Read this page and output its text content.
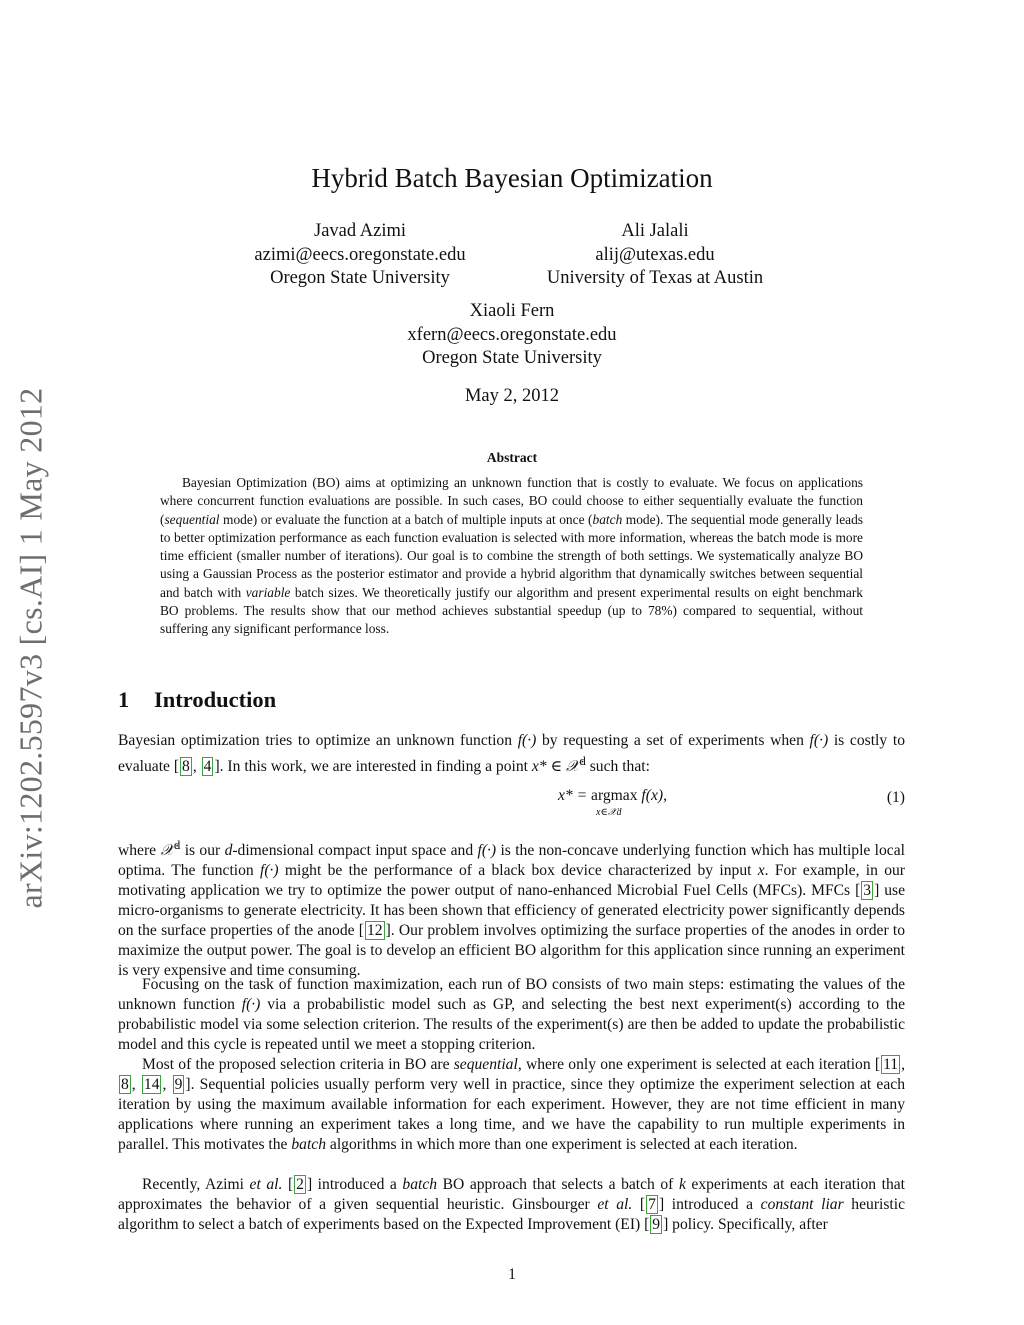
arXiv:1202.5597v3 [cs.AI] 1 May 2012
Hybrid Batch Bayesian Optimization
Javad Azimi
azimi@eecs.oregonstate.edu
Oregon State University
Ali Jalali
alij@utexas.edu
University of Texas at Austin
Xiaoli Fern
xfern@eecs.oregonstate.edu
Oregon State University
May 2, 2012
Abstract

Bayesian Optimization (BO) aims at optimizing an unknown function that is costly to evaluate. We focus on applications where concurrent function evaluations are possible. In such cases, BO could choose to either sequentially evaluate the function (sequential mode) or evaluate the function at a batch of multiple inputs at once (batch mode). The sequential mode generally leads to better optimization performance as each function evaluation is selected with more information, whereas the batch mode is more time efficient (smaller number of iterations). Our goal is to combine the strength of both settings. We systematically analyze BO using a Gaussian Process as the posterior estimator and provide a hybrid algorithm that dynamically switches between sequential and batch with variable batch sizes. We theoretically justify our algorithm and present experimental results on eight benchmark BO problems. The results show that our method achieves substantial speedup (up to 78%) compared to sequential, without suffering any significant performance loss.

1 Introduction

Bayesian optimization tries to optimize an unknown function f(·) by requesting a set of experiments when f(·) is costly to evaluate [ 8 , 4 ]. In this work, we are interested in finding a point x* ∈ 𝒳$^d$ such that:

x* = argmax f(x),
x∈𝒳d
(1)

where 𝒳$^d$ is our d-dimensional compact input space and f(·) is the non-concave underlying function which has multiple local optima. The function f(·) might be the performance of a black box device characterized by input x. For example, in our motivating application we try to optimize the power output of nano-enhanced Microbial Fuel Cells (MFCs). MFCs [ 3 ] use micro-organisms to generate electricity. It has been shown that efficiency of generated electricity power significantly depends on the surface properties of the anode [ 12 ]. Our problem involves optimizing the surface properties of the anodes in order to maximize the output power. The goal is to develop an efficient BO algorithm for this application since running an experiment is very expensive and time consuming.

Focusing on the task of function maximization, each run of BO consists of two main steps: estimating the values of the unknown function f(·) via a probabilistic model such as GP, and selecting the best next experiment(s) according to the probabilistic model via some selection criterion. The results of the experiment(s) are then be added to update the probabilistic model and this cycle is repeated until we meet a stopping criterion.

Most of the proposed selection criteria in BO are sequential, where only one experiment is selected at each iteration [ 11 , 8 , 14 , 9 ]. Sequential policies usually perform very well in practice, since they optimize the experiment selection at each iteration by using the maximum available information for each experiment. However, they are not time efficient in many applications where running an experiment takes a long time, and we have the capability to run multiple experiments in parallel. This motivates the batch algorithms in which more than one experiment is selected at each iteration.

Recently, Azimi et al. [ 2 ] introduced a batch BO approach that selects a batch of k experiments at each iteration that approximates the behavior of a given sequential heuristic. Ginsbourger et al. [ 7 ] introduced a constant liar heuristic algorithm to select a batch of experiments based on the Expected Improvement (EI) [ 9 ] policy. Specifically, after

1
